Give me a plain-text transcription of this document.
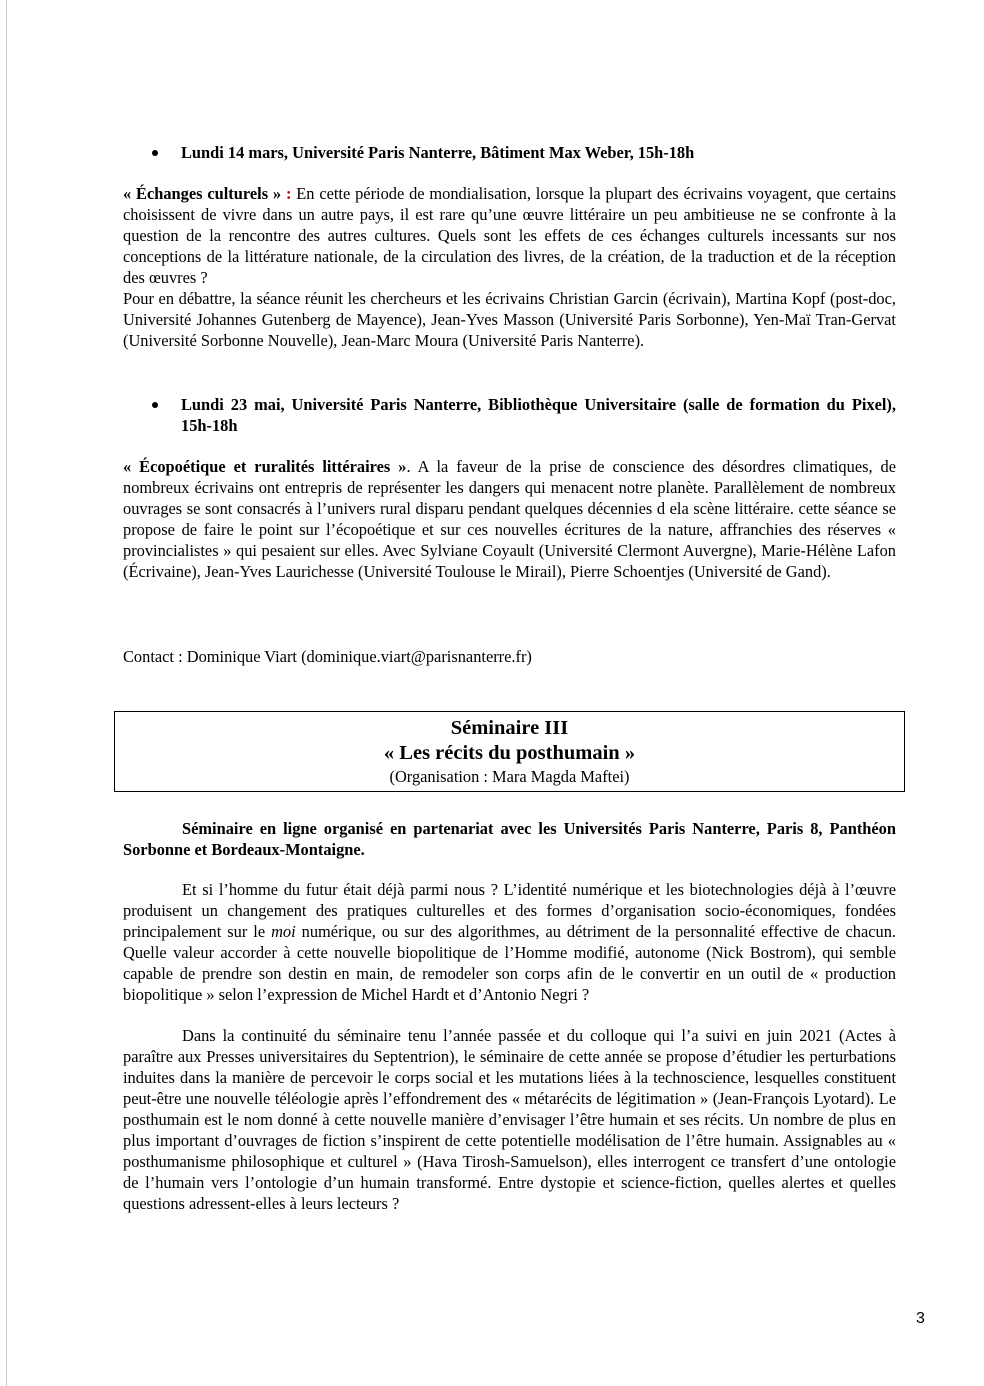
Lundi 14 mars, Université Paris Nanterre, Bâtiment Max Weber, 15h-18h
« Échanges culturels » : En cette période de mondialisation, lorsque la plupart des écrivains voyagent, que certains choisissent de vivre dans un autre pays, il est rare qu’une œuvre littéraire un peu ambitieuse ne se confronte à la question de la rencontre des autres cultures. Quels sont les effets de ces échanges culturels incessants sur nos conceptions de la littérature nationale, de la circulation des livres, de la création, de la traduction et de la réception des œuvres ?
Pour en débattre, la séance réunit les chercheurs et les écrivains Christian Garcin (écrivain), Martina Kopf (post-doc, Université Johannes Gutenberg de Mayence), Jean-Yves Masson (Université Paris Sorbonne), Yen-Maï Tran-Gervat (Université Sorbonne Nouvelle), Jean-Marc Moura (Université Paris Nanterre).
Lundi 23 mai, Université Paris Nanterre, Bibliothèque Universitaire (salle de formation du Pixel), 15h-18h
« Écopoétique et ruralités littéraires ». A la faveur de la prise de conscience des désordres climatiques, de nombreux écrivains ont entrepris de représenter les dangers qui menacent notre planète. Parallèlement de nombreux ouvrages se sont consacrés à l’univers rural disparu pendant quelques décennies d ela scène littéraire. cette séance se propose de faire le point sur l’écopoétique et sur ces nouvelles écritures de la nature, affranchies des réserves « provincialistes » qui pesaient sur elles. Avec Sylviane Coyault (Université Clermont Auvergne), Marie-Hélène Lafon (Écrivaine), Jean-Yves Laurichesse (Université Toulouse le Mirail), Pierre Schoentjes (Université de Gand).
Contact : Dominique Viart (dominique.viart@parisnanterre.fr)
Séminaire III
« Les récits du posthumain »
(Organisation : Mara Magda Maftei)
Séminaire en ligne organisé en partenariat avec les Universités Paris Nanterre, Paris 8, Panthéon Sorbonne et Bordeaux-Montaigne.
Et si l’homme du futur était déjà parmi nous ? L’identité numérique et les biotechnologies déjà à l’œuvre produisent un changement des pratiques culturelles et des formes d’organisation socio-économiques, fondées principalement sur le moi numérique, ou sur des algorithmes, au détriment de la personnalité effective de chacun. Quelle valeur accorder à cette nouvelle biopolitique de l’Homme modifié, autonome (Nick Bostrom), qui semble capable de prendre son destin en main, de remodeler son corps afin de le convertir en un outil de « production biopolitique » selon l’expression de Michel Hardt et d’Antonio Negri ?
Dans la continuité du séminaire tenu l’année passée et du colloque qui l’a suivi en juin 2021 (Actes à paraître aux Presses universitaires du Septentrion), le séminaire de cette année se propose d’étudier les perturbations induites dans la manière de percevoir le corps social et les mutations liées à la technoscience, lesquelles constituent peut-être une nouvelle téléologie après l’effondrement des « métarécits de légitimation » (Jean-François Lyotard). Le posthumain est le nom donné à cette nouvelle manière d’envisager l’être humain et ses récits. Un nombre de plus en plus important d’ouvrages de fiction s’inspirent de cette potentielle modélisation de l’être humain. Assignables au « posthumanisme philosophique et culturel » (Hava Tirosh-Samuelson), elles interrogent ce transfert d’une ontologie de l’humain vers l’ontologie d’un humain transformé. Entre dystopie et science-fiction, quelles alertes et quelles questions adressent-elles à leurs lecteurs ?
3
